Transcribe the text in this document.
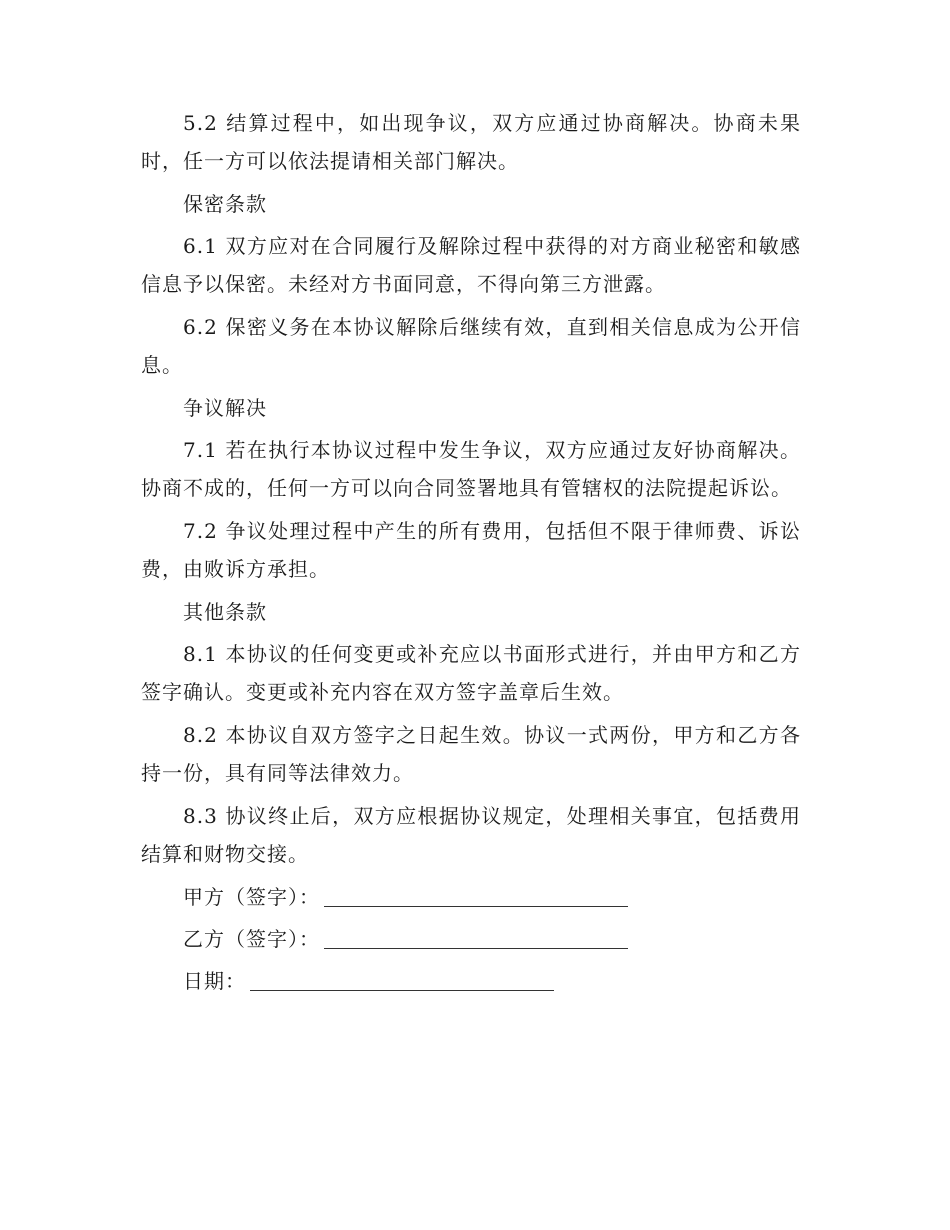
5.2 结算过程中，如出现争议，双方应通过协商解决。协商未果时，任一方可以依法提请相关部门解决。

保密条款

6.1 双方应对在合同履行及解除过程中获得的对方商业秘密和敏感信息予以保密。未经对方书面同意，不得向第三方泄露。

6.2 保密义务在本协议解除后继续有效，直到相关信息成为公开信息。

争议解决

7.1 若在执行本协议过程中发生争议，双方应通过友好协商解决。协商不成的，任何一方可以向合同签署地具有管辖权的法院提起诉讼。

7.2 争议处理过程中产生的所有费用，包括但不限于律师费、诉讼费，由败诉方承担。

其他条款

8.1 本协议的任何变更或补充应以书面形式进行，并由甲方和乙方签字确认。变更或补充内容在双方签字盖章后生效。

8.2 本协议自双方签字之日起生效。协议一式两份，甲方和乙方各持一份，具有同等法律效力。

8.3 协议终止后，双方应根据协议规定，处理相关事宜，包括费用结算和财物交接。

甲方（签字）：
乙方（签字）：
日期：
